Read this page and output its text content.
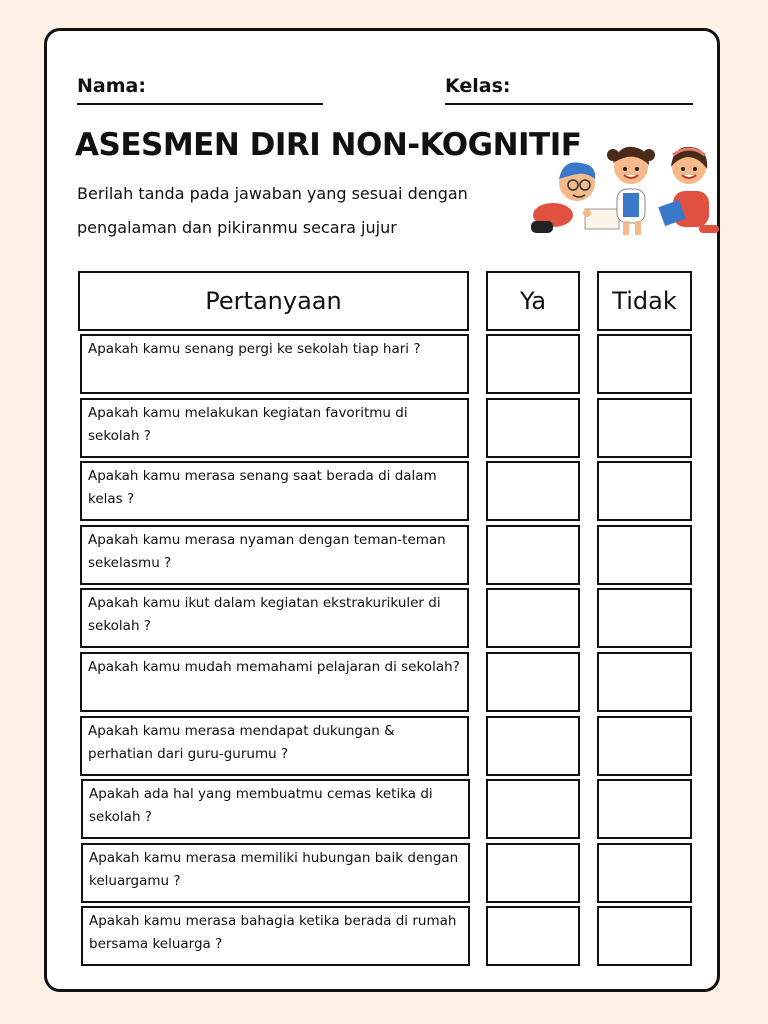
Nama:	Kelas:
ASESMEN DIRI NON-KOGNITIF
Berilah tanda pada jawaban yang sesuai dengan pengalaman dan pikiranmu secara jujur
Pertanyaan	Ya	Tidak
Apakah kamu senang pergi ke sekolah tiap hari ?
Apakah kamu melakukan kegiatan favoritmu di sekolah ?
Apakah kamu merasa senang saat berada di dalam kelas ?
Apakah kamu merasa nyaman dengan teman-teman sekelasmu ?
Apakah kamu ikut dalam kegiatan ekstrakurikuler di sekolah ?
Apakah kamu mudah memahami pelajaran di sekolah?
Apakah kamu merasa mendapat dukungan & perhatian dari guru-gurumu ?
Apakah ada hal yang membuatmu cemas ketika di sekolah ?
Apakah kamu merasa memiliki hubungan baik dengan keluargamu ?
Apakah kamu merasa bahagia ketika berada di rumah bersama keluarga ?
